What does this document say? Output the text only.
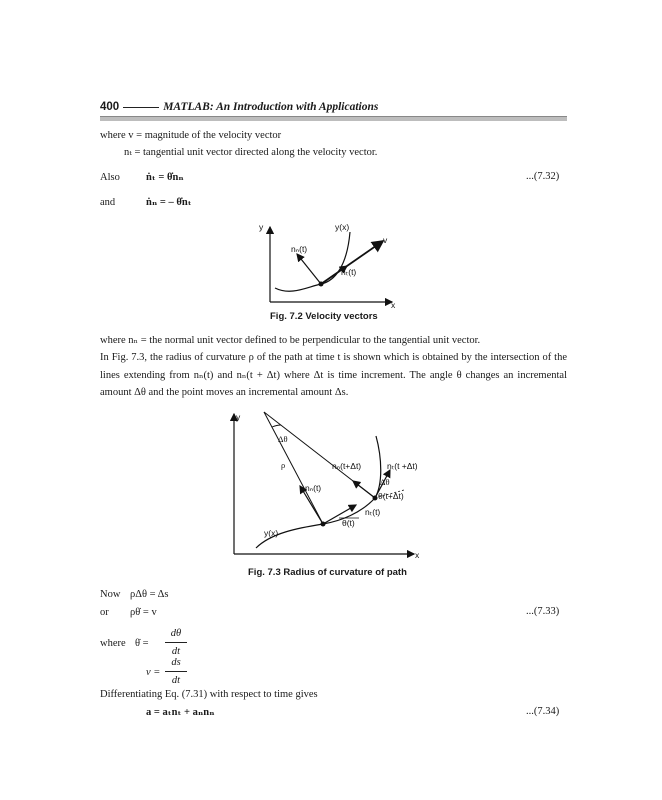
400	MATLAB: An Introduction with Applications
where v = magnitude of the velocity vector
nₜ = tangential unit vector directed along the velocity vector.
Also ṅₜ = θ̇nₙ	...(7.32)
and	ṅₙ = – θ̇nₜ
y
x
y(x)
v
nₙ(t)
nₜ(t)
Fig. 7.2 Velocity vectors
where nₙ = the normal unit vector defined to be perpendicular to the tangential unit vector.
In Fig. 7.3, the radius of curvature ρ of the path at time t is shown which is obtained by the intersection of the lines extending from nₙ(t) and nₙ(t + Δt) where Δt is time increment. The angle θ changes an incremental amount Δθ and the point moves an incremental amount Δs.
Δθ
ρ	nₙ(t+Δt)	nₜ(t +Δt)
nₙ(t)
Δθ
θ(t+Δt)
nₜ(t)
θ(t)
y(x)
y
x
Fig. 7.3 Radius of curvature of path
Now ρΔθ = Δs
or ρθ̇ = v	...(7.33)
where θ̇ =
dθ
dt
v =
ds
dt
Differentiating Eq. (7.31) with respect to time gives
a = aₜnₜ + aₙnₙ	...(7.34)
